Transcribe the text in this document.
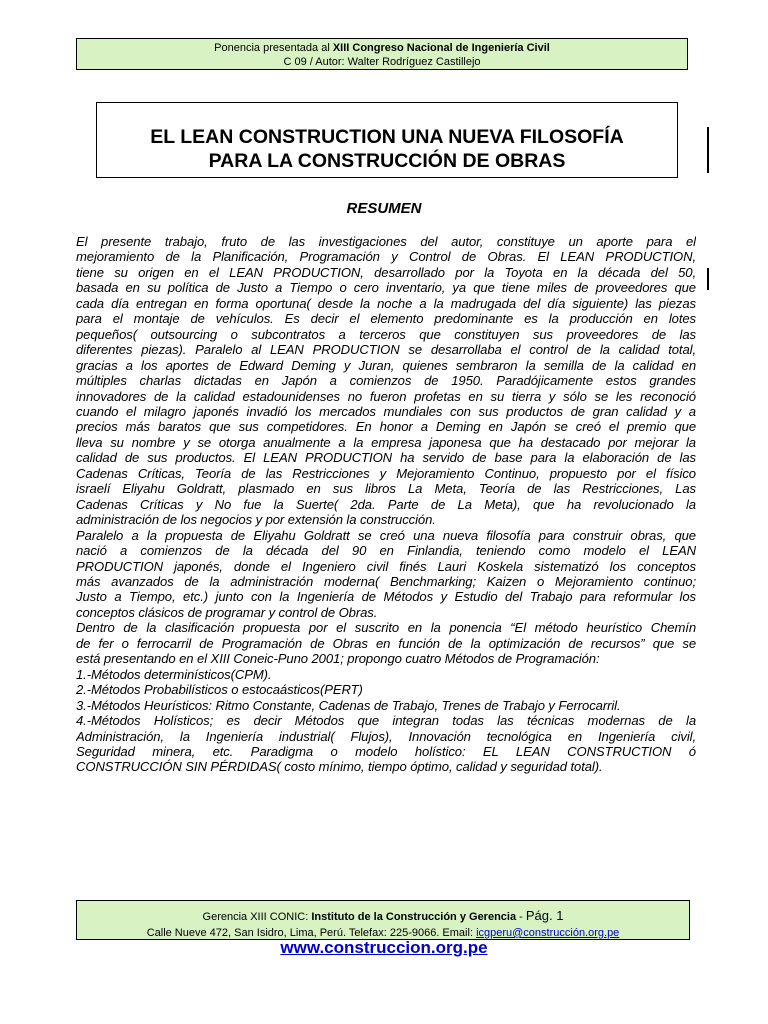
Ponencia presentada al XIII Congreso Nacional de Ingeniería Civil
C 09 / Autor: Walter Rodríguez Castillejo
EL LEAN CONSTRUCTION UNA NUEVA FILOSOFÍA
PARA LA CONSTRUCCIÓN DE OBRAS
RESUMEN

El presente trabajo, fruto de las investigaciones del autor, constituye un aporte para el

mejoramiento de la Planificación, Programación y Control de Obras. El LEAN PRODUCTION,

tiene su origen en el LEAN PRODUCTION, desarrollado por la Toyota en la década del 50,

basada en su política de Justo a Tiempo o cero inventario, ya que tiene miles de proveedores que

cada día entregan en forma oportuna( desde la noche a la madrugada del día siguiente) las piezas

para el montaje de vehículos. Es decir el elemento predominante es la producción en lotes

pequeños( outsourcing o subcontratos a terceros que constituyen sus proveedores de las

diferentes piezas). Paralelo al LEAN PRODUCTION se desarrollaba el control de la calidad total,

gracias a los aportes de Edward Deming y Juran, quienes sembraron la semilla de la calidad en

múltiples charlas dictadas en Japón a comienzos de 1950. Paradójicamente estos grandes

innovadores de la calidad estadounidenses no fueron profetas en su tierra y sólo se les reconoció

cuando el milagro japonés invadió los mercados mundiales con sus productos de gran calidad y a

precios más baratos que sus competidores. En honor a Deming en Japón se creó el premio que

lleva su nombre y se otorga anualmente a la empresa japonesa que ha destacado por mejorar la

calidad de sus productos. El LEAN PRODUCTION ha servido de base para la elaboración de las

Cadenas Críticas, Teoría de las Restricciones y Mejoramiento Continuo, propuesto por el físico

israelí Eliyahu Goldratt, plasmado en sus libros La Meta, Teoría de las Restricciones, Las

Cadenas Críticas y No fue la Suerte( 2da. Parte de La Meta), que ha revolucionado la

administración de los negocios y por extensión la construcción.

Paralelo a la propuesta de Eliyahu Goldratt se creó una nueva filosofía para construir obras, que

nació a comienzos de la década del 90 en Finlandia, teniendo como modelo el LEAN

PRODUCTION japonés, donde el Ingeniero civil finés Lauri Koskela sistematizó los conceptos

más avanzados de la administración moderna( Benchmarking; Kaizen o Mejoramiento continuo;

Justo a Tiempo, etc.) junto con la Ingeniería de Métodos y Estudio del Trabajo para reformular los

conceptos clásicos de programar y control de Obras.

Dentro de la clasificación propuesta por el suscrito en la ponencia “El método heurístico Chemín

de fer o ferrocarril de Programación de Obras en función de la optimización de recursos” que se

está presentando en el XIII Coneic-Puno 2001; propongo cuatro Métodos de Programación:

1.-Métodos determinísticos(CPM).

2.-Métodos Probabilísticos o estocaásticos(PERT)

3.-Métodos Heurísticos: Ritmo Constante, Cadenas de Trabajo, Trenes de Trabajo y Ferrocarril.

4.-Métodos Holísticos; es decir Métodos que integran todas las técnicas modernas de la

Administración, la Ingeniería industrial( Flujos), Innovación tecnológica en Ingeniería civil,

Seguridad minera, etc. Paradigma o modelo holístico: EL LEAN CONSTRUCTION ó

CONSTRUCCIÓN SIN PÉRDIDAS( costo mínimo, tiempo óptimo, calidad y seguridad total).

Gerencia XIII CONIC: Instituto de la Construcción y Gerencia - Pág. 1
Calle Nueve 472, San Isidro, Lima, Perú. Telefax: 225-9066. Email: icgperu@construcción.org.pe
www.construccion.org.pe
